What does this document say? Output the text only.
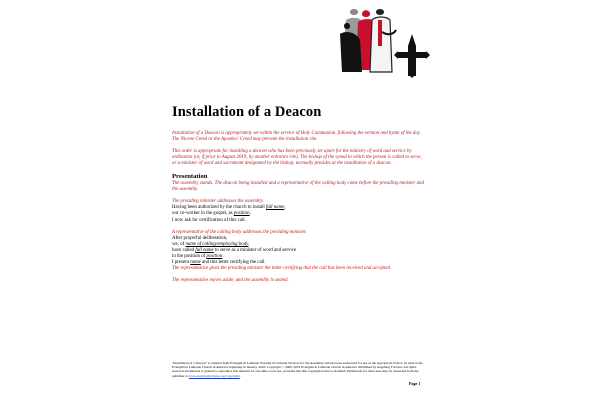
Installation of a Deacon

Installation of a Deacon is appropriately set within the service of Holy Communion, following the sermon and hymn of the day. The Nicene Creed or the Apostles' Creed may precede the installation rite.

This order is appropriate for installing a deacon who has been previously set apart for the ministry of word and service by ordination (or, if prior to August 2019, by another entrance rite). The bishop of the synod in which the person is called to serve, or a minister of word and sacrament designated by the bishop, normally presides at the installation of a deacon.

Presentation

The assembly stands. The deacon being installed and a representative of the calling body come before the presiding minister and the assembly.

The presiding minister addresses the assembly.
Having been authorized by the church to install full name,
our co-worker in the gospel, as position,
I now ask for certification of this call.
A representative of the calling body addresses the presiding minister.
After prayerful deliberation,
we, of name of calling/employing body,
have called full name to serve as a minister of word and service
in the position of position.
I present name and this letter certifying the call.
The representative gives the presiding minister the letter certifying that the call has been received and accepted.

The representative moves aside, and the assembly is seated.

"Installation of a Deacon" is adapted from Evangelical Lutheran Worship Occasional Services for the Assembly and has been authorized for use as the appropriate form to be used in the Evangelical Lutheran Church in America beginning in January, 2020. Copyright © 2009, 2019 Evangelical Lutheran Church in America. Published by Augsburg Fortress. All rights reserved. Permission is granted to reproduce this material for one-time, local use, provided that this copyright notice is included. Permission for other uses may be requested from the publisher at www.augsburgfortress.org/copyrights.
Page 1
